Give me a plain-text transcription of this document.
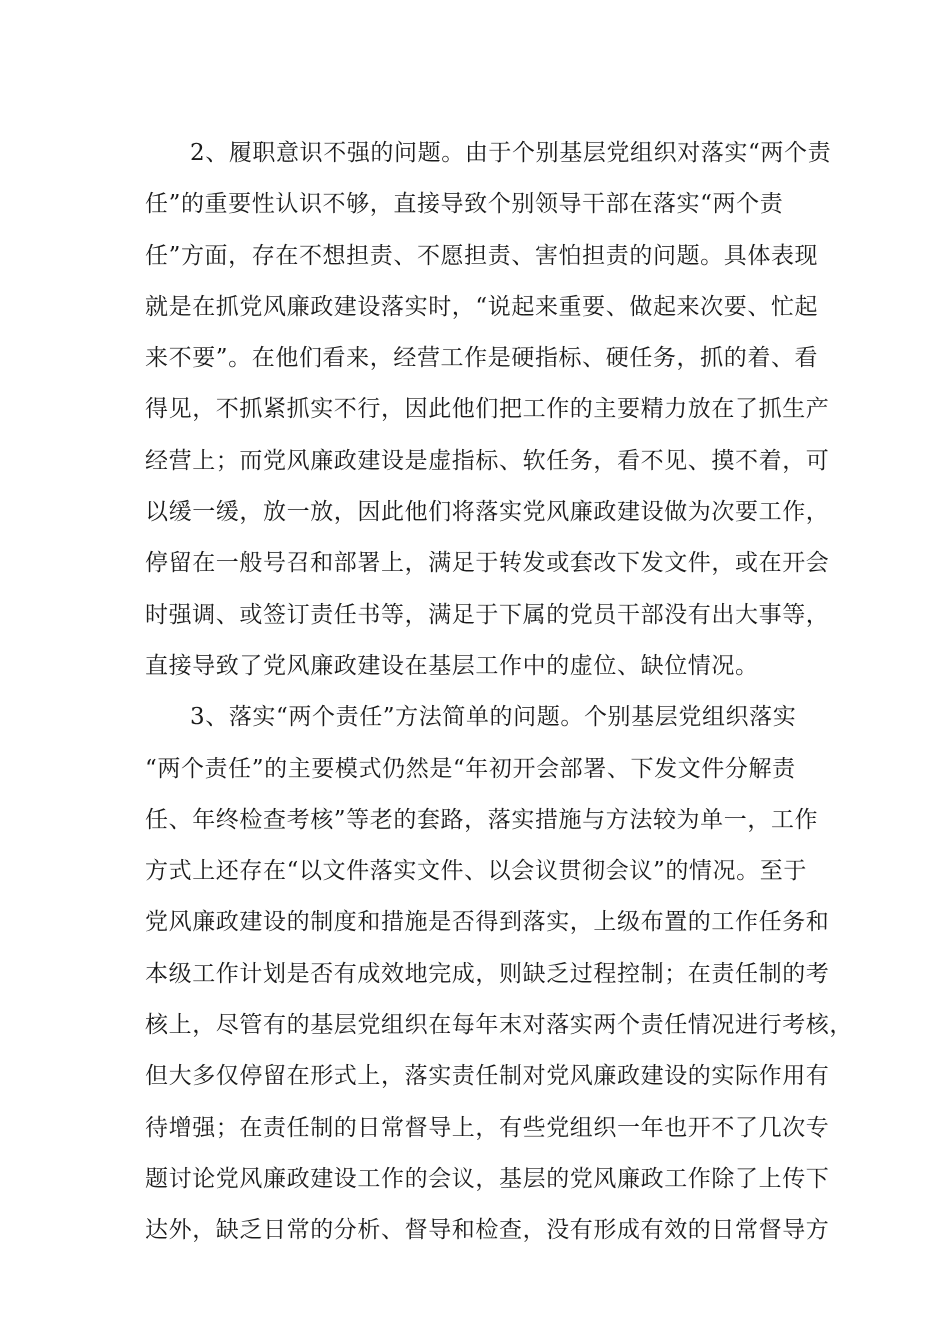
2、履职意识不强的问题。由于个别基层党组织对落实“两个责
任”的重要性认识不够，直接导致个别领导干部在落实“两个责
任”方面，存在不想担责、不愿担责、害怕担责的问题。具体表现
就是在抓党风廉政建设落实时，“说起来重要、做起来次要、忙起
来不要”。在他们看来，经营工作是硬指标、硬任务，抓的着、看
得见，不抓紧抓实不行，因此他们把工作的主要精力放在了抓生产
经营上；而党风廉政建设是虚指标、软任务，看不见、摸不着，可
以缓一缓，放一放，因此他们将落实党风廉政建设做为次要工作，
停留在一般号召和部署上，满足于转发或套改下发文件，或在开会
时强调、或签订责任书等，满足于下属的党员干部没有出大事等，
直接导致了党风廉政建设在基层工作中的虚位、缺位情况。
3、落实“两个责任”方法简单的问题。个别基层党组织落实
“两个责任”的主要模式仍然是“年初开会部署、下发文件分解责
任、年终检查考核”等老的套路，落实措施与方法较为单一，工作
方式上还存在“以文件落实文件、以会议贯彻会议”的情况。至于
党风廉政建设的制度和措施是否得到落实，上级布置的工作任务和
本级工作计划是否有成效地完成，则缺乏过程控制；在责任制的考
核上，尽管有的基层党组织在每年末对落实两个责任情况进行考核，
但大多仅停留在形式上，落实责任制对党风廉政建设的实际作用有
待增强；在责任制的日常督导上，有些党组织一年也开不了几次专
题讨论党风廉政建设工作的会议，基层的党风廉政工作除了上传下
达外，缺乏日常的分析、督导和检查，没有形成有效的日常督导方
